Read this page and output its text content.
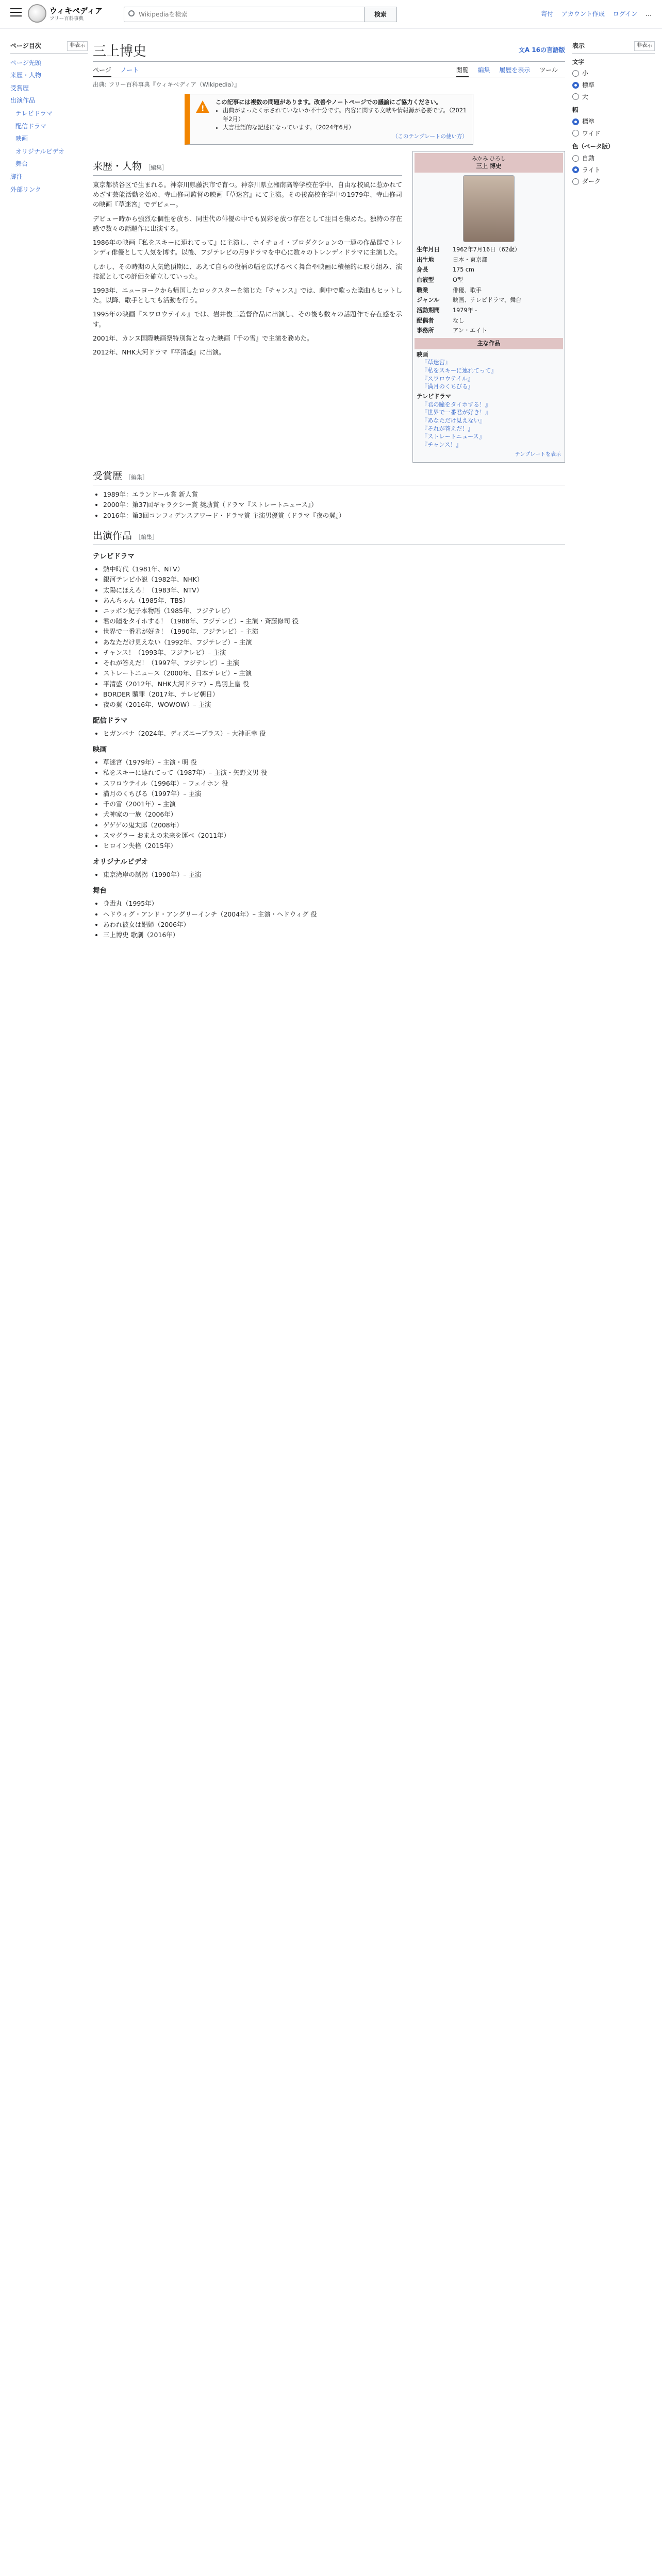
ウィキペディア
フリー百科事典
Wikipediaを検索
検索	寄付 アカウント作成 ログイン …
ページ目次	非表示
ページ先頭
来歴・人物
受賞歴
出演作品
テレビドラマ
配信ドラマ
映画
オリジナルビデオ
舞台
脚注
外部リンク
三上博史	文A 16の言語版
ページ ノート	閲覧 編集 履歴を表示 ツール
出典: フリー百科事典『ウィキペディア（Wikipedia）』
!
この記事には複数の問題があります。改善やノートページでの議論にご協力ください。
• 出典がまったく示されていないか不十分です。内容に関する文献や情報源が必要です。（2021年2月）
• 大言壮語的な記述になっています。（2024年6月）
（このテンプレートの使い方）
みかみ ひろし
三上 博史
生年月日	1962年7月16日（62歳）
出生地	日本・東京都
身長	175 cm
血液型	O型
職業	俳優、歌手
ジャンル	映画、テレビドラマ、舞台
活動期間	1979年 -
配偶者	なし
事務所	アン・エイト
主な作品
映画
『草迷宮』
『私をスキーに連れてって』
『スワロウテイル』
『満月のくちびる』
テレビドラマ
『君の瞳をタイホする！』
『世界で一番君が好き！』
『あなただけ見えない』
『それが答えだ！』
『ストレートニュース』
『チャンス！』
テンプレートを表示
来歴・人物 ［編集］

東京都渋谷区で生まれる。神奈川県藤沢市で育つ。神奈川県立湘南高等学校在学中、自由な校風に惹かれてめざす芸能活動を始め、寺山修司監督の映画『草迷宮』にて主演。その後高校在学中の1979年、寺山修司の映画『草迷宮』でデビュー。

デビュー時から強烈な個性を放ち、同世代の俳優の中でも異彩を放つ存在として注目を集めた。独特の存在感で数々の話題作に出演する。

1986年の映画『私をスキーに連れてって』に主演し、ホイチョイ・プロダクションの一連の作品群でトレンディ俳優として人気を博す。以後、フジテレビの月9ドラマを中心に数々のトレンディドラマに主演した。

しかし、その時期の人気絶頂期に、あえて自らの役柄の幅を広げるべく舞台や映画に積極的に取り組み、演技派としての評価を確立していった。

1993年、ニューヨークから帰国したロックスターを演じた『チャンス』では、劇中で歌った楽曲もヒットした。以降、歌手としても活動を行う。

1995年の映画『スワロウテイル』では、岩井俊二監督作品に出演し、その後も数々の話題作で存在感を示す。

2001年、カンヌ国際映画祭特別賞となった映画『千の雪』で主演を務めた。

2012年、NHK大河ドラマ『平清盛』に出演。

受賞歴 ［編集］
• 1989年：エランドール賞 新人賞
• 2000年：第37回ギャラクシー賞 奨励賞（ドラマ『ストレートニュース』）
• 2016年：第3回コンフィデンスアワード・ドラマ賞 主演男優賞（ドラマ『夜の翼』）
出演作品 ［編集］
テレビドラマ
• 熱中時代（1981年、NTV）
• 銀河テレビ小説（1982年、NHK）
• 太陽にほえろ！（1983年、NTV）
• あんちゃん（1985年、TBS）
• ニッポン紀子本物語（1985年、フジテレビ）
• 君の瞳をタイホする！（1988年、フジテレビ）– 主演・斉藤修司 役
• 世界で一番君が好き！（1990年、フジテレビ）– 主演
• あなただけ見えない（1992年、フジテレビ）– 主演
• チャンス！（1993年、フジテレビ）– 主演
• それが答えだ！（1997年、フジテレビ）– 主演
• ストレートニュース（2000年、日本テレビ）– 主演
• 平清盛（2012年、NHK大河ドラマ）– 鳥羽上皇 役
• BORDER 贖罪（2017年、テレビ朝日）
• 夜の翼（2016年、WOWOW）– 主演
配信ドラマ
• ヒガンバナ（2024年、ディズニープラス）– 大神正幸 役
映画
• 草迷宮（1979年）– 主演・明 役
• 私をスキーに連れてって（1987年）– 主演・矢野文男 役
• スワロウテイル（1996年）– フェイホン 役
• 満月のくちびる（1997年）– 主演
• 千の雪（2001年）– 主演
• 犬神家の一族（2006年）
• ゲゲゲの鬼太郎（2008年）
• スマグラー おまえの未来を運べ（2011年）
• ヒロイン失格（2015年）
オリジナルビデオ
• 東京湾岸の誘拐（1990年）– 主演
舞台
• 身毒丸（1995年）
• ヘドウィグ・アンド・アングリーインチ（2004年）– 主演・ヘドウィグ 役
• あわれ彼女は娼婦（2006年）
• 三上博史 歌劇（2016年）
表示	非表示
文字
小
標準
大
幅
標準
ワイド
色（ベータ版）
自動
ライト
ダーク
